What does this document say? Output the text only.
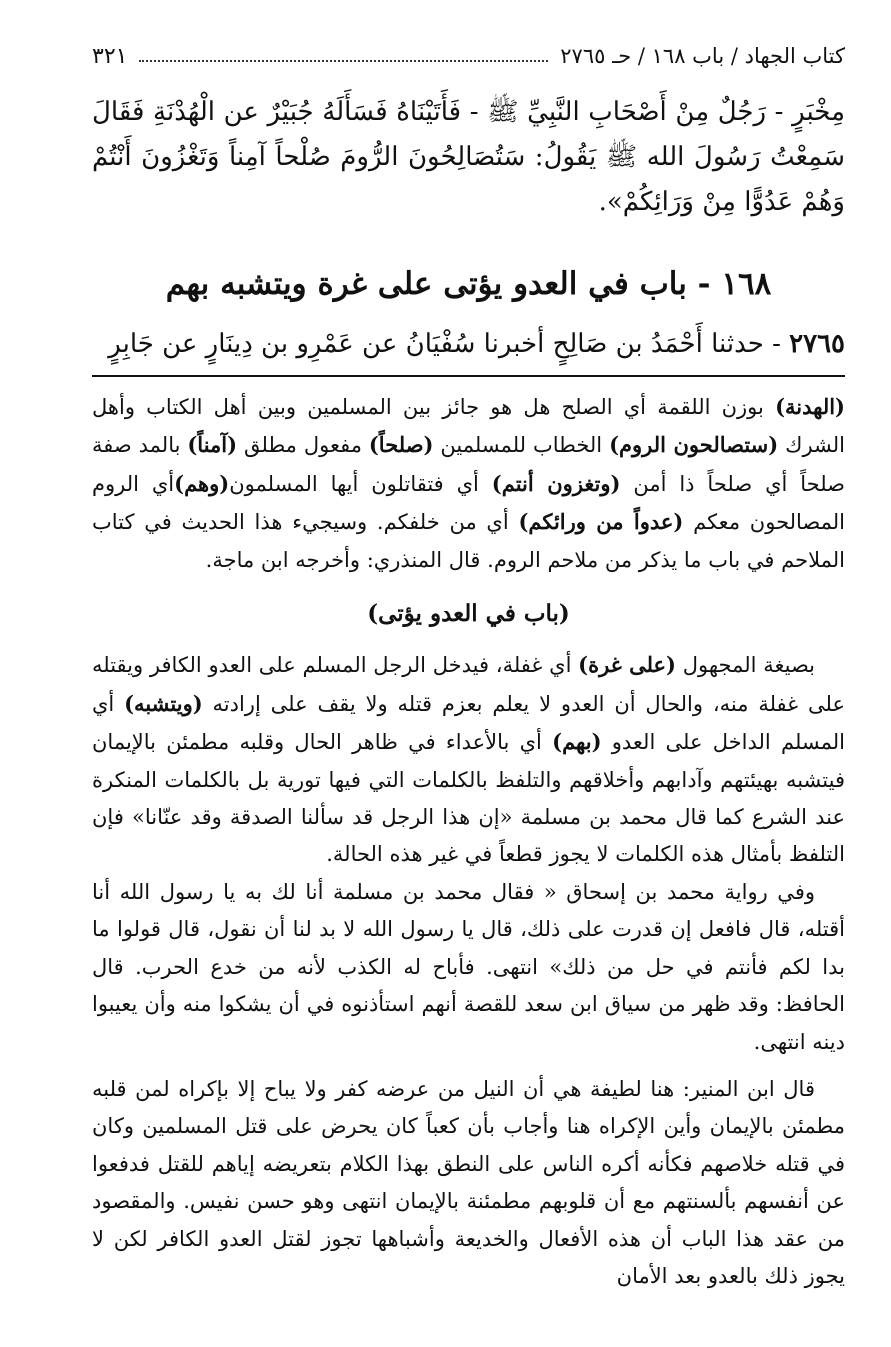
كتاب الجهاد / باب ١٦٨ / حـ ٢٧٦٥
٣٢١
مِخْبَرٍ - رَجُلٌ مِنْ أَصْحَابِ النَّبِيِّ ﷺ - فَأَتَيْنَاهُ فَسَأَلَهُ جُبَيْرٌ عن الْهُدْنَةِ فَقَالَ سَمِعْتُ رَسُولَ الله ﷺ يَقُولُ: سَتُصَالِحُونَ الرُّومَ صُلْحاً آمِناً وَتَغْزُونَ أَنْتُمْ وَهُمْ عَدُوًّا مِنْ وَرَائِكُمْ».
١٦٨ - باب في العدو يؤتى على غرة ويتشبه بهم
٢٧٦٥ - حدثنا أَحْمَدُ بن صَالِحٍ أخبرنا سُفْيَانُ عن عَمْرِو بن دِينَارٍ عن جَابِرٍ

(الهدنة) بوزن اللقمة أي الصلح هل هو جائز بين المسلمين وبين أهل الكتاب وأهل الشرك (ستصالحون الروم) الخطاب للمسلمين (صلحاً) مفعول مطلق (آمناً) بالمد صفة صلحاً أي صلحاً ذا أمن (وتغزون أنتم) أي فتقاتلون أيها المسلمون(وهم)أي الروم المصالحون معكم (عدواً من ورائكم) أي من خلفكم. وسيجيء هذا الحديث في كتاب الملاحم في باب ما يذكر من ملاحم الروم. قال المنذري: وأخرجه ابن ماجة.

(باب في العدو يؤتى)

بصيغة المجهول (على غرة) أي غفلة، فيدخل الرجل المسلم على العدو الكافر ويقتله على غفلة منه، والحال أن العدو لا يعلم بعزم قتله ولا يقف على إرادته (ويتشبه) أي المسلم الداخل على العدو (بهم) أي بالأعداء في ظاهر الحال وقلبه مطمئن بالإيمان فيتشبه بهيئتهم وآدابهم وأخلاقهم والتلفظ بالكلمات التي فيها تورية بل بالكلمات المنكرة عند الشرع كما قال محمد بن مسلمة «إن هذا الرجل قد سألنا الصدقة وقد عنّانا» فإن التلفظ بأمثال هذه الكلمات لا يجوز قطعاً في غير هذه الحالة.

وفي رواية محمد بن إسحاق « فقال محمد بن مسلمة أنا لك به يا رسول الله أنا أقتله، قال فافعل إن قدرت على ذلك، قال يا رسول الله لا بد لنا أن نقول، قال قولوا ما بدا لكم فأنتم في حل من ذلك» انتهى. فأباح له الكذب لأنه من خدع الحرب. قال الحافظ: وقد ظهر من سياق ابن سعد للقصة أنهم استأذنوه في أن يشكوا منه وأن يعيبوا دينه انتهى.

قال ابن المنير: هنا لطيفة هي أن النيل من عرضه كفر ولا يباح إلا بإكراه لمن قلبه مطمئن بالإيمان وأين الإكراه هنا وأجاب بأن كعباً كان يحرض على قتل المسلمين وكان في قتله خلاصهم فكأنه أكره الناس على النطق بهذا الكلام بتعريضه إياهم للقتل فدفعوا عن أنفسهم بألسنتهم مع أن قلوبهم مطمئنة بالإيمان انتهى وهو حسن نفيس. والمقصود من عقد هذا الباب أن هذه الأفعال والخديعة وأشباهها تجوز لقتل العدو الكافر لكن لا يجوز ذلك بالعدو بعد الأمان
